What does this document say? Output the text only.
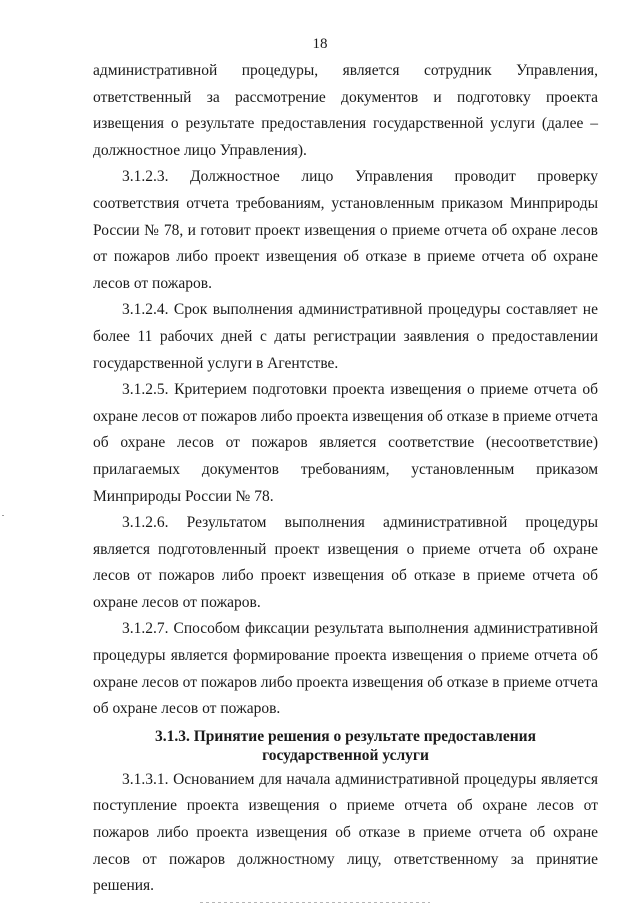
18

административной процедуры, является сотрудник Управления, ответственный за рассмотрение документов и подготовку проекта извещения о результате предоставления государственной услуги (далее – должностное лицо Управления).

3.1.2.3. Должностное лицо Управления проводит проверку соответствия отчета требованиям, установленным приказом Минприроды России № 78, и готовит проект извещения о приеме отчета об охране лесов от пожаров либо проект извещения об отказе в приеме отчета об охране лесов от пожаров.

3.1.2.4. Срок выполнения административной процедуры составляет не более 11 рабочих дней с даты регистрации заявления о предоставлении государственной услуги в Агентстве.

3.1.2.5. Критерием подготовки проекта извещения о приеме отчета об охране лесов от пожаров либо проекта извещения об отказе в приеме отчета об охране лесов от пожаров является соответствие (несоответствие) прилагаемых документов требованиям, установленным приказом Минприроды России № 78.

3.1.2.6. Результатом выполнения административной процедуры является подготовленный проект извещения о приеме отчета об охране лесов от пожаров либо проект извещения об отказе в приеме отчета об охране лесов от пожаров.

3.1.2.7. Способом фиксации результата выполнения административной процедуры является формирование проекта извещения о приеме отчета об охране лесов от пожаров либо проекта извещения об отказе в приеме отчета об охране лесов от пожаров.

3.1.3. Принятие решения о результате предоставления
государственной услуги

3.1.3.1. Основанием для начала административной процедуры является поступление проекта извещения о приеме отчета об охране лесов от пожаров либо проекта извещения об отказе в приеме отчета об охране лесов от пожаров должностному лицу, ответственному за принятие решения.
